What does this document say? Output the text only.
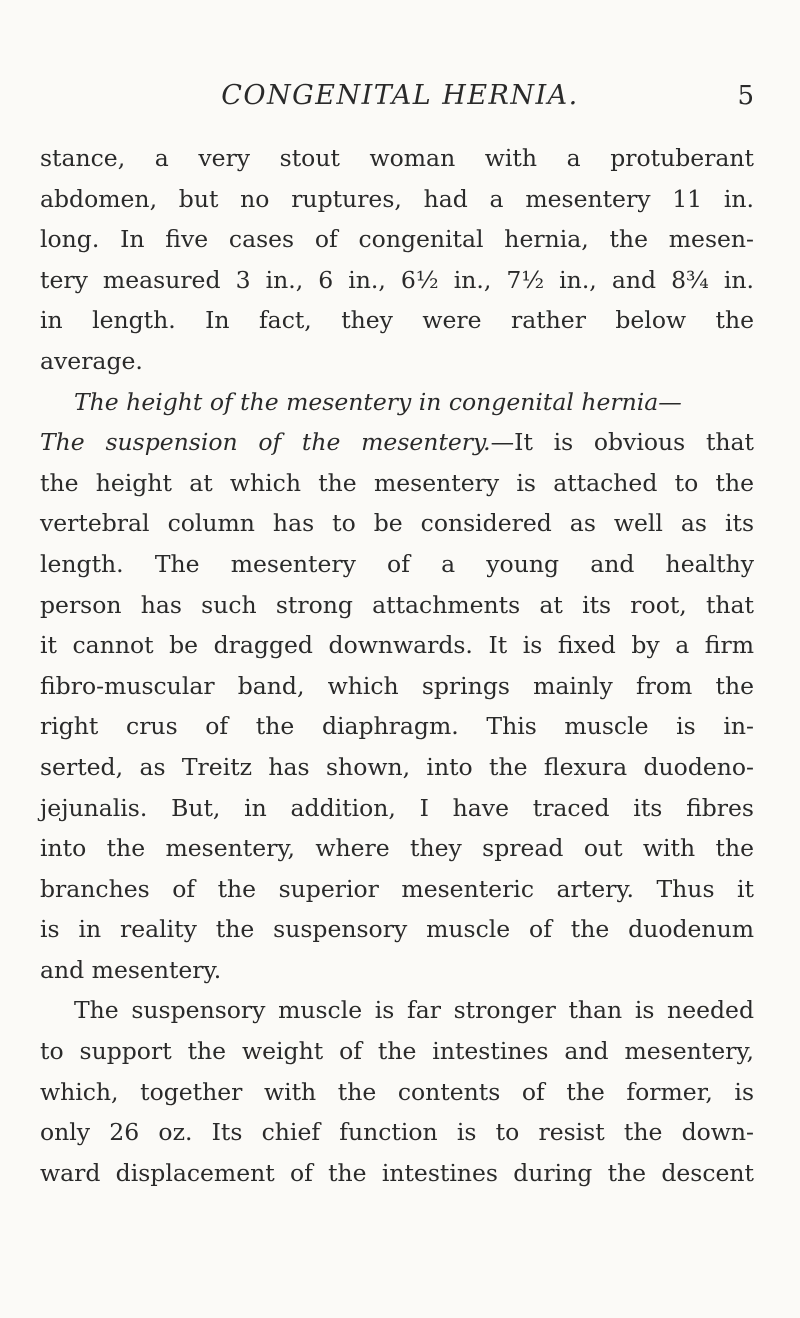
CONGENITAL HERNIA.	5
stance, a very stout woman with a protuberant
abdomen, but no ruptures, had a mesentery 11 in.
long. In five cases of congenital hernia, the mesen-
tery measured 3 in., 6 in., 6½ in., 7½ in., and 8¾ in.
in length. In fact, they were rather below the
average.
The height of the mesentery in congenital hernia—
The suspension of the mesentery.—It is obvious that
the height at which the mesentery is attached to the
vertebral column has to be considered as well as its
length. The mesentery of a young and healthy
person has such strong attachments at its root, that
it cannot be dragged downwards. It is fixed by a firm
fibro-muscular band, which springs mainly from the
right crus of the diaphragm. This muscle is in-
serted, as Treitz has shown, into the flexura duodeno-
jejunalis. But, in addition, I have traced its fibres
into the mesentery, where they spread out with the
branches of the superior mesenteric artery. Thus it
is in reality the suspensory muscle of the duodenum
and mesentery.
The suspensory muscle is far stronger than is needed
to support the weight of the intestines and mesentery,
which, together with the contents of the former, is
only 26 oz. Its chief function is to resist the down-
ward displacement of the intestines during the descent
